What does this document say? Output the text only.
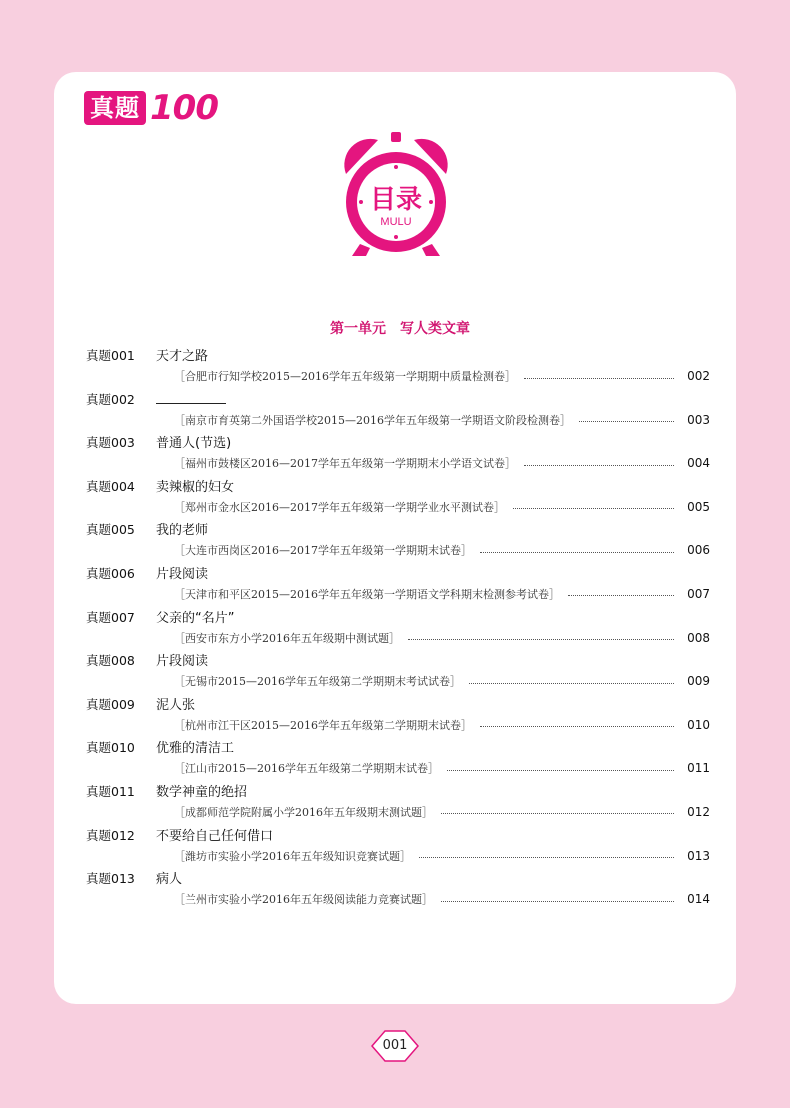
真题 100
目录
MULU
第一单元　写人类文章
真题001 天才之路
［合肥市行知学校2015—2016学年五年级第一学期期中质量检测卷］	002
真题002
［南京市育英第二外国语学校2015—2016学年五年级第一学期语文阶段检测卷］	003
真题003 普通人(节选)
［福州市鼓楼区2016—2017学年五年级第一学期期末小学语文试卷］	004
真题004 卖辣椒的妇女
［郑州市金水区2016—2017学年五年级第一学期学业水平测试卷］	005
真题005 我的老师
［大连市西岗区2016—2017学年五年级第一学期期末试卷］	006
真题006 片段阅读
［天津市和平区2015—2016学年五年级第一学期语文学科期末检测参考试卷］	007
真题007 父亲的“名片”
［西安市东方小学2016年五年级期中测试题］	008
真题008 片段阅读
［无锡市2015—2016学年五年级第二学期期末考试试卷］	009
真题009 泥人张
［杭州市江干区2015—2016学年五年级第二学期期末试卷］	010
真题010 优雅的清洁工
［江山市2015—2016学年五年级第二学期期末试卷］	011
真题011 数学神童的绝招
［成都师范学院附属小学2016年五年级期末测试题］	012
真题012 不要给自己任何借口
［潍坊市实验小学2016年五年级知识竞赛试题］	013
真题013 病人
［兰州市实验小学2016年五年级阅读能力竞赛试题］	014
001
